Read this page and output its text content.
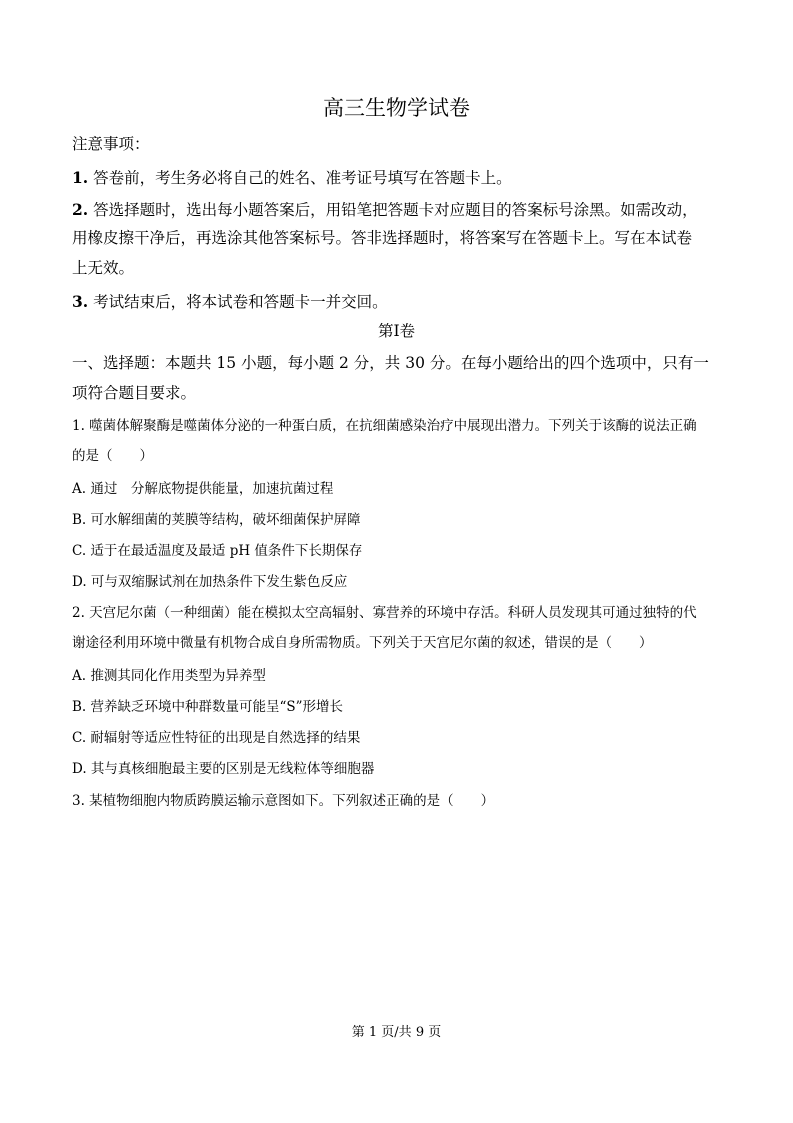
高三生物学试卷
注意事项：
1. 答卷前，考生务必将自己的姓名、准考证号填写在答题卡上。
2. 答选择题时，选出每小题答案后，用铅笔把答题卡对应题目的答案标号涂黑。如需改动，
用橡皮擦干净后，再选涂其他答案标号。答非选择题时，将答案写在答题卡上。写在本试卷
上无效。
3. 考试结束后，将本试卷和答题卡一并交回。
第I卷
一、选择题：本题共 15 小题，每小题 2 分，共 30 分。在每小题给出的四个选项中，只有一
项符合题目要求。
1. 噬菌体解聚酶是噬菌体分泌的一种蛋白质，在抗细菌感染治疗中展现出潜力。下列关于该酶的说法正确
的是（　　）
A. 通过　分解底物提供能量，加速抗菌过程
B. 可水解细菌的荚膜等结构，破坏细菌保护屏障
C. 适于在最适温度及最适 pH 值条件下长期保存
D. 可与双缩脲试剂在加热条件下发生紫色反应
2. 天宫尼尔菌（一种细菌）能在模拟太空高辐射、寡营养的环境中存活。科研人员发现其可通过独特的代
谢途径利用环境中微量有机物合成自身所需物质。下列关于天宫尼尔菌的叙述，错误的是（　　）
A. 推测其同化作用类型为异养型
B. 营养缺乏环境中种群数量可能呈“S”形增长
C. 耐辐射等适应性特征的出现是自然选择的结果
D. 其与真核细胞最主要的区别是无线粒体等细胞器
3. 某植物细胞内物质跨膜运输示意图如下。下列叙述正确的是（　　）
第 1 页/共 9 页
